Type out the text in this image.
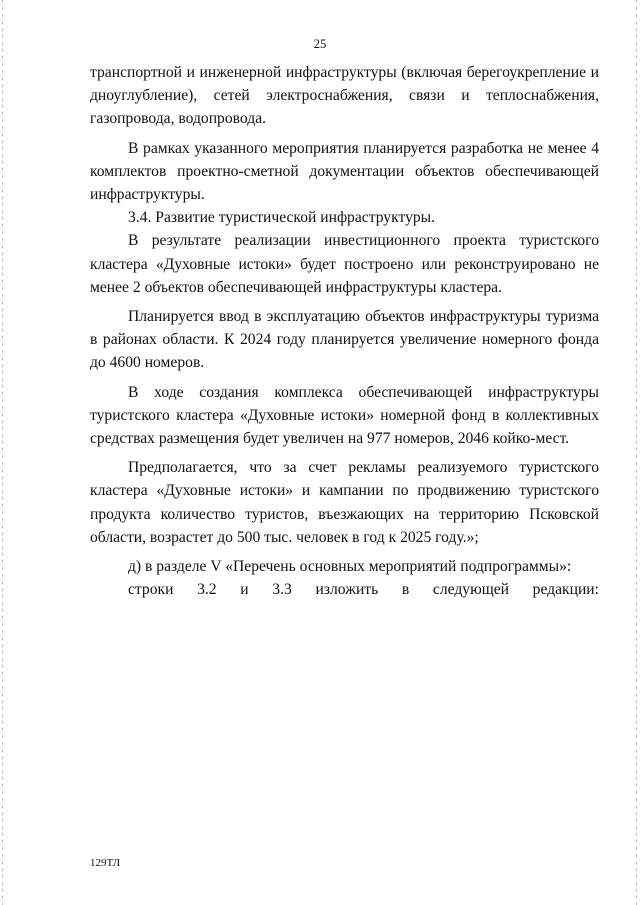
25

транспортной и инженерной инфраструктуры (включая берегоукрепление и дноуглубление), сетей электроснабжения, связи и теплоснабжения, газопровода, водопровода.

В рамках указанного мероприятия планируется разработка не менее 4 комплектов проектно-сметной документации объектов обеспечивающей инфраструктуры.

3.4. Развитие туристической инфраструктуры.

В результате реализации инвестиционного проекта туристского кластера «Духовные истоки» будет построено или реконструировано не менее 2 объектов обеспечивающей инфраструктуры кластера.

Планируется ввод в эксплуатацию объектов инфраструктуры туризма в районах области. К 2024 году планируется увеличение номерного фонда до 4600 номеров.

В ходе создания комплекса обеспечивающей инфраструктуры туристского кластера «Духовные истоки» номерной фонд в коллективных средствах размещения будет увеличен на 977 номеров, 2046 койко-мест.

Предполагается, что за счет рекламы реализуемого туристского кластера «Духовные истоки» и кампании по продвижению туристского продукта количество туристов, въезжающих на территорию Псковской области, возрастет до 500 тыс. человек в год к 2025 году.»;

д) в разделе V «Перечень основных мероприятий подпрограммы»:

строки 3.2 и 3.3 изложить в следующей редакции:

129ТЛ
